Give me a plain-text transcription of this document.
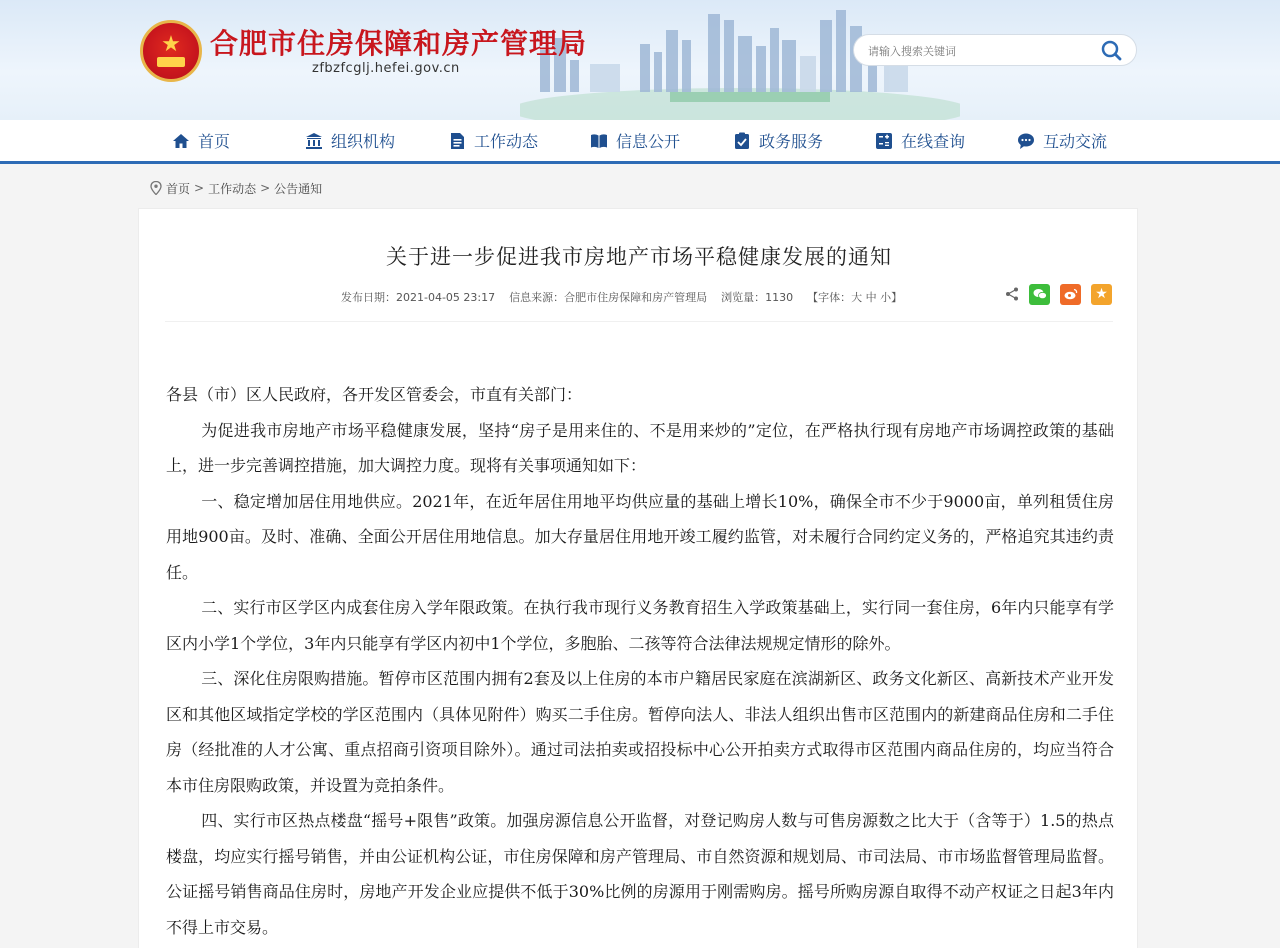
★	合肥市住房保障和房产管理局
zfbzfcglj.hefei.gov.cn
请输入搜索关键词
首页	组织机构	工作动态	信息公开	政务服务	在线查询	互动交流
首页 > 工作动态 > 公告通知
关于进一步促进我市房地产市场平稳健康发展的通知
发布日期：2021-04-05 23:17 信息来源：合肥市住房保障和房产管理局 浏览量：1130 【字体：大 中 小】	★

各县（市）区人民政府，各开发区管委会，市直有关部门：

为促进我市房地产市场平稳健康发展，坚持“房子是用来住的、不是用来炒的”定位，在严格执行现有房地产市场调控政策的基础上，进一步完善调控措施，加大调控力度。现将有关事项通知如下：

一、稳定增加居住用地供应。2021年，在近年居住用地平均供应量的基础上增长10%，确保全市不少于9000亩，单列租赁住房用地900亩。及时、准确、全面公开居住用地信息。加大存量居住用地开竣工履约监管，对未履行合同约定义务的，严格追究其违约责任。

二、实行市区学区内成套住房入学年限政策。在执行我市现行义务教育招生入学政策基础上，实行同一套住房，6年内只能享有学区内小学1个学位，3年内只能享有学区内初中1个学位，多胞胎、二孩等符合法律法规规定情形的除外。

三、深化住房限购措施。暂停市区范围内拥有2套及以上住房的本市户籍居民家庭在滨湖新区、政务文化新区、高新技术产业开发区和其他区域指定学校的学区范围内（具体见附件）购买二手住房。暂停向法人、非法人组织出售市区范围内的新建商品住房和二手住房（经批准的人才公寓、重点招商引资项目除外）。通过司法拍卖或招投标中心公开拍卖方式取得市区范围内商品住房的，均应当符合本市住房限购政策，并设置为竞拍条件。

四、实行市区热点楼盘“摇号+限售”政策。加强房源信息公开监督，对登记购房人数与可售房源数之比大于（含等于）1.5的热点楼盘，均应实行摇号销售，并由公证机构公证，市住房保障和房产管理局、市自然资源和规划局、市司法局、市市场监督管理局监督。公证摇号销售商品住房时，房地产开发企业应提供不低于30%比例的房源用于刚需购房。摇号所购房源自取得不动产权证之日起3年内不得上市交易。
